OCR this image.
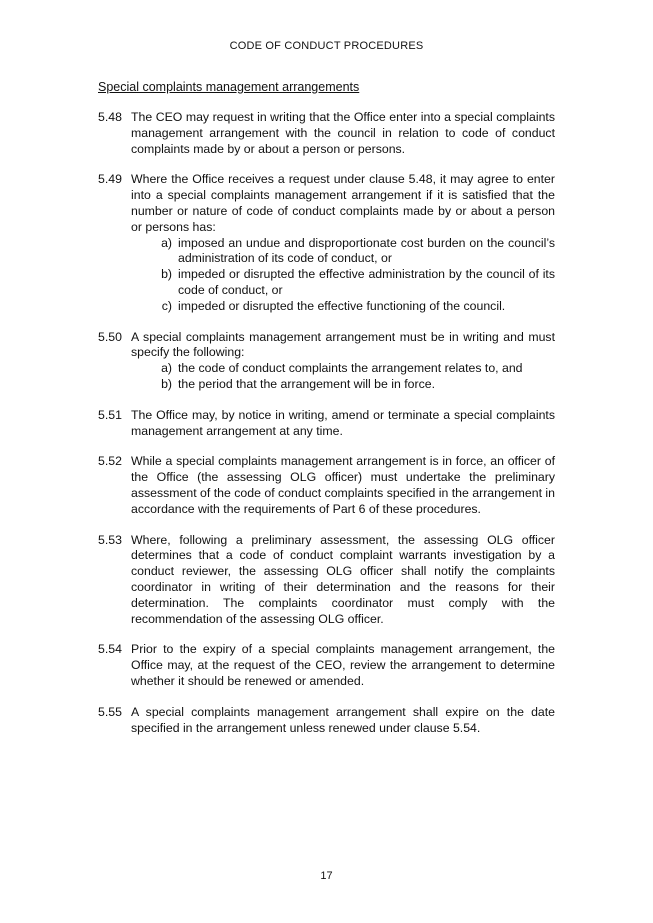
CODE OF CONDUCT PROCEDURES
Special complaints management arrangements
5.48 The CEO may request in writing that the Office enter into a special complaints management arrangement with the council in relation to code of conduct complaints made by or about a person or persons.
5.49 Where the Office receives a request under clause 5.48, it may agree to enter into a special complaints management arrangement if it is satisfied that the number or nature of code of conduct complaints made by or about a person or persons has:
a) imposed an undue and disproportionate cost burden on the council’s administration of its code of conduct, or
b) impeded or disrupted the effective administration by the council of its code of conduct, or
c) impeded or disrupted the effective functioning of the council.
5.50 A special complaints management arrangement must be in writing and must specify the following:
a) the code of conduct complaints the arrangement relates to, and
b) the period that the arrangement will be in force.
5.51 The Office may, by notice in writing, amend or terminate a special complaints management arrangement at any time.
5.52 While a special complaints management arrangement is in force, an officer of the Office (the assessing OLG officer) must undertake the preliminary assessment of the code of conduct complaints specified in the arrangement in accordance with the requirements of Part 6 of these procedures.
5.53 Where, following a preliminary assessment, the assessing OLG officer determines that a code of conduct complaint warrants investigation by a conduct reviewer, the assessing OLG officer shall notify the complaints coordinator in writing of their determination and the reasons for their determination. The complaints coordinator must comply with the recommendation of the assessing OLG officer.
5.54 Prior to the expiry of a special complaints management arrangement, the Office may, at the request of the CEO, review the arrangement to determine whether it should be renewed or amended.
5.55 A special complaints management arrangement shall expire on the date specified in the arrangement unless renewed under clause 5.54.
17
